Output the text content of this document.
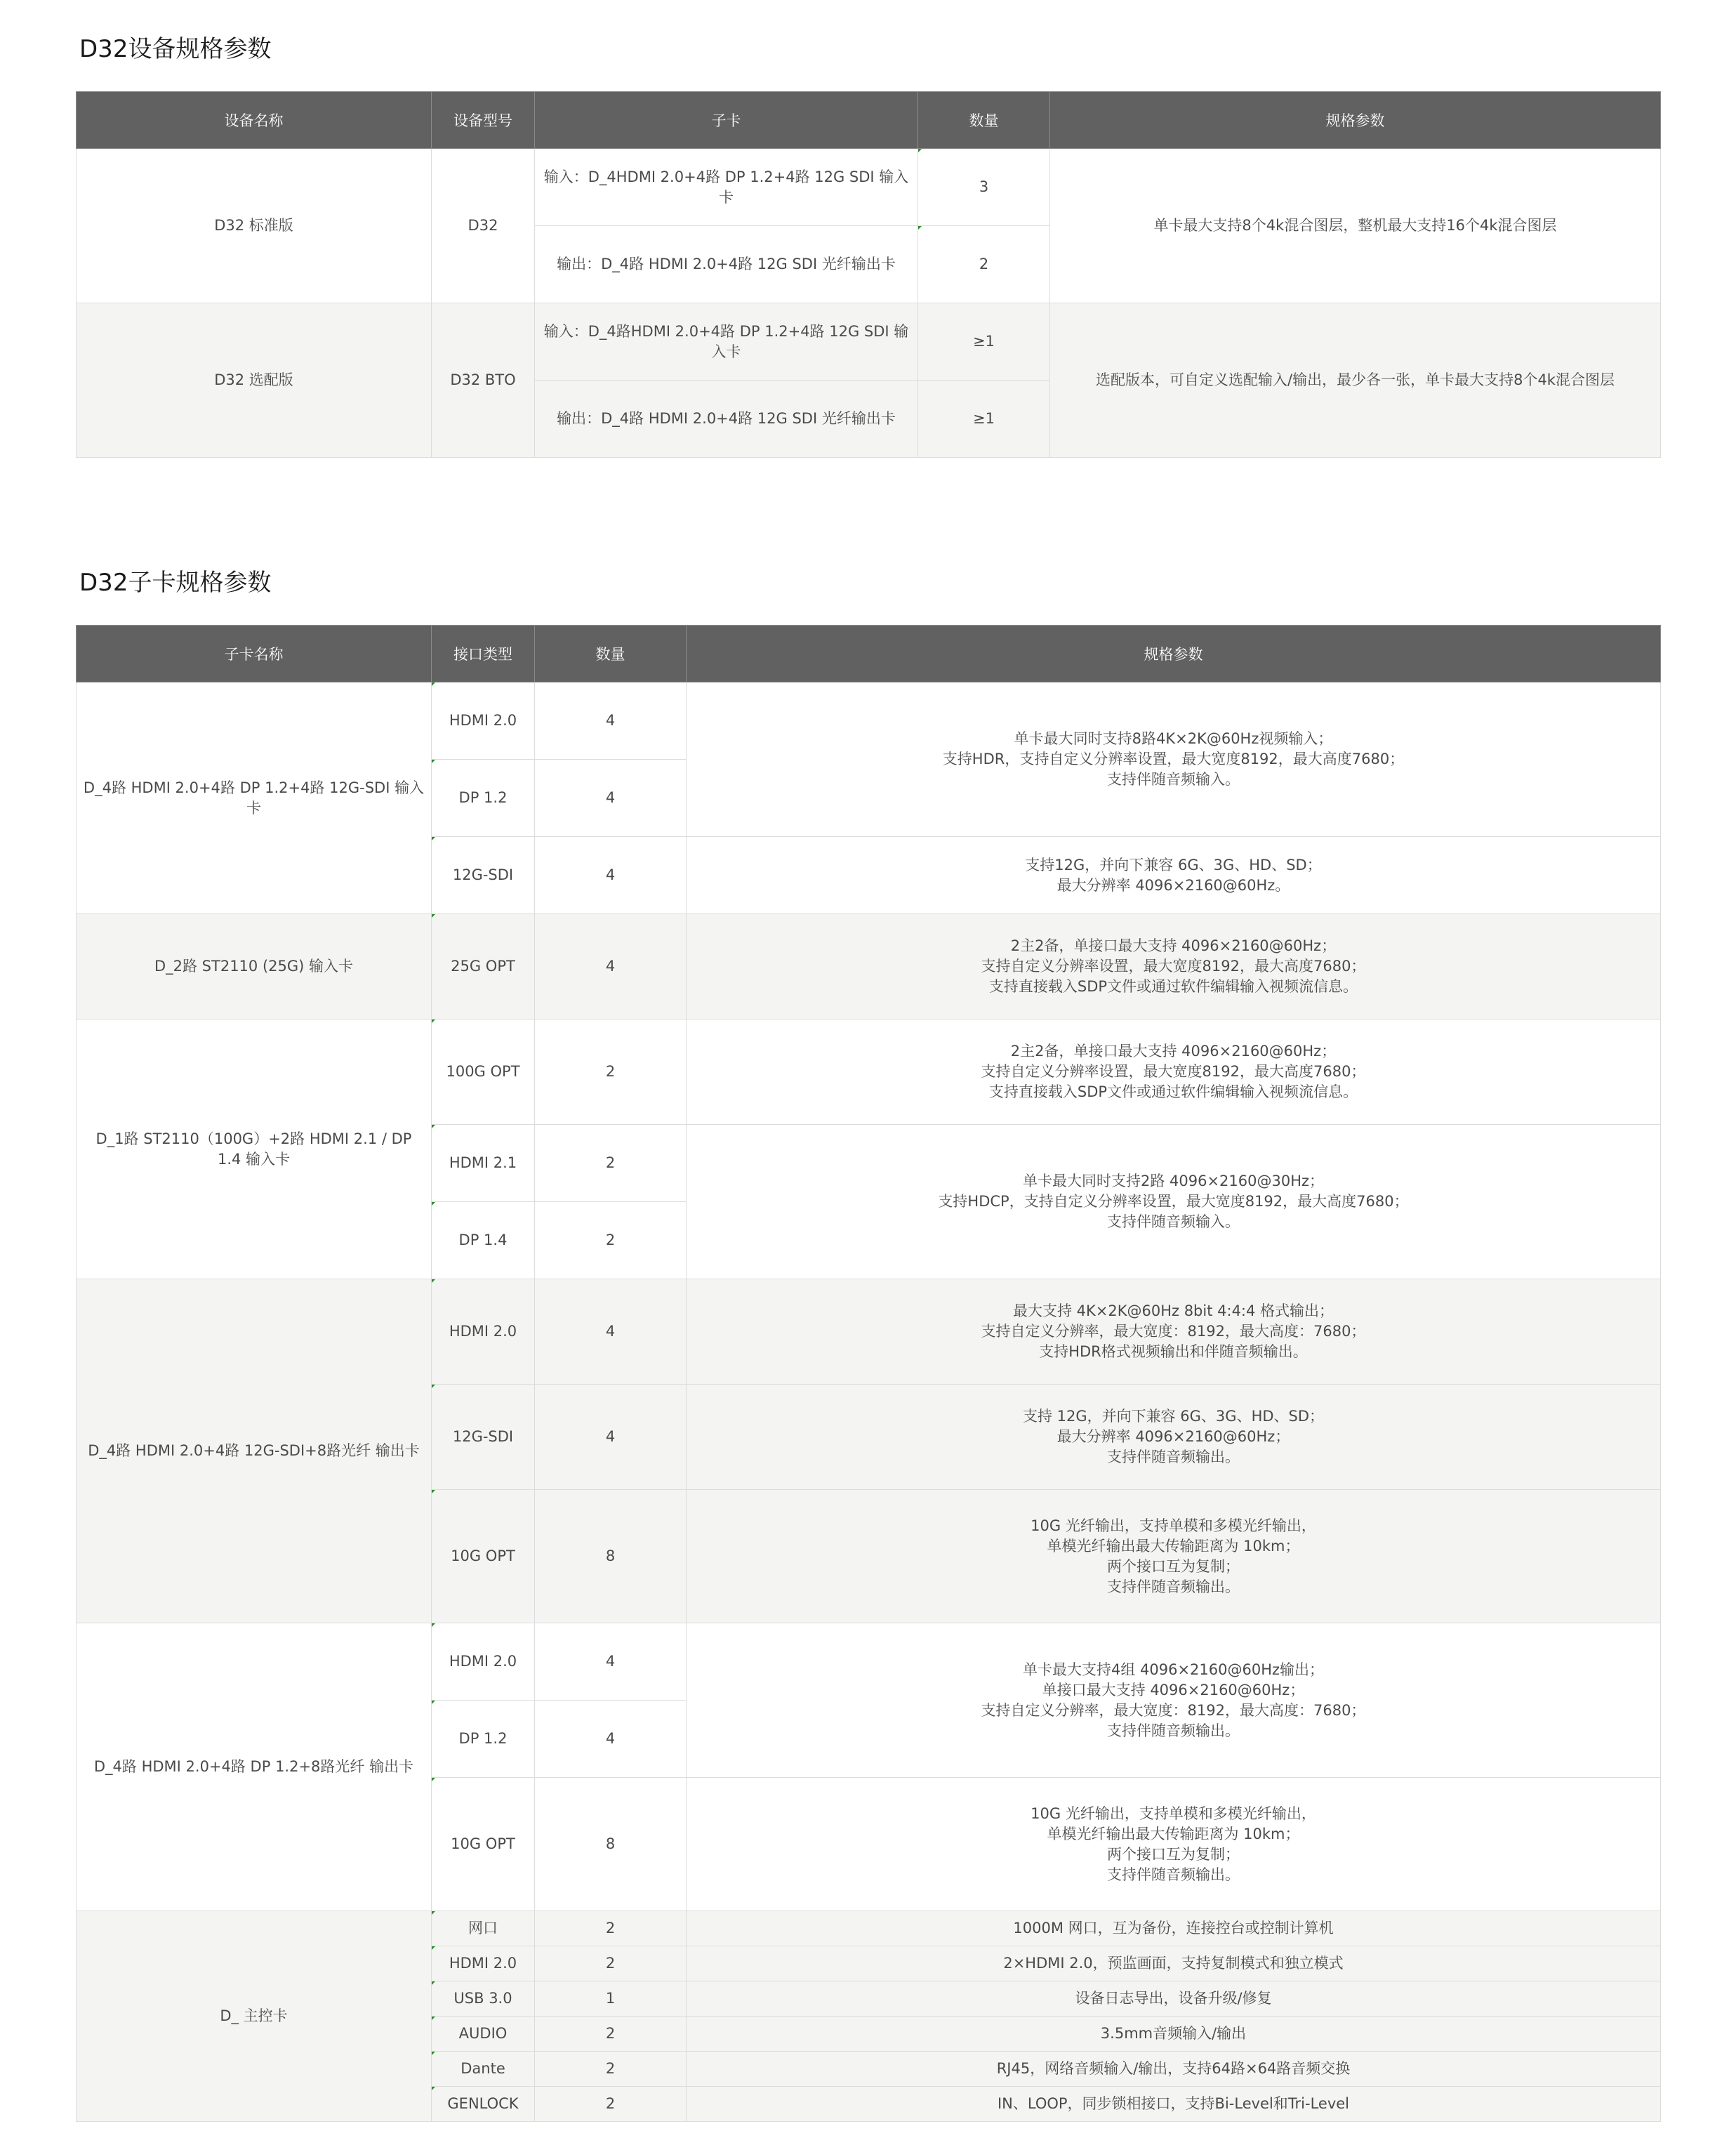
D32设备规格参数
设备名称	设备型号	子卡	数量	规格参数
D32 标准版	D32	输入：D_4HDMI 2.0+4路 DP 1.2+4路 12G SDI 输入卡	3	单卡最大支持8个4k混合图层，整机最大支持16个4k混合图层
		输出：D_4路 HDMI 2.0+4路 12G SDI 光纤输出卡	2	
D32 选配版	D32 BTO	输入：D_4路HDMI 2.0+4路 DP 1.2+4路 12G SDI 输入卡	≥1	选配版本，可自定义选配输入/输出，最少各一张，单卡最大支持8个4k混合图层
		输出：D_4路 HDMI 2.0+4路 12G SDI 光纤输出卡	≥1	
D32子卡规格参数
子卡名称	接口类型	数量	规格参数
D_4路 HDMI 2.0+4路 DP 1.2+4路 12G-SDI 输入卡	HDMI 2.0	4	单卡最大同时支持8路4K×2K@60Hz视频输入；
支持HDR，支持自定义分辨率设置，最大宽度8192，最大高度7680；
支持伴随音频输入。

	DP 1.2	4	
	12G-SDI	4	支持12G，并向下兼容 6G、3G、HD、SD；
最大分辨率 4096×2160@60Hz。

D_2路 ST2110 (25G) 输入卡	25G OPT	4	2主2备，单接口最大支持 4096×2160@60Hz；
支持自定义分辨率设置，最大宽度8192，最大高度7680；
支持直接载入SDP文件或通过软件编辑输入视频流信息。

D_1路 ST2110（100G）+2路 HDMI 2.1 / DP 1.4 输入卡	100G OPT	2	2主2备，单接口最大支持 4096×2160@60Hz；
支持自定义分辨率设置，最大宽度8192，最大高度7680；
支持直接载入SDP文件或通过软件编辑输入视频流信息。

	HDMI 2.1	2	单卡最大同时支持2路 4096×2160@30Hz；
支持HDCP，支持自定义分辨率设置，最大宽度8192，最大高度7680；
支持伴随音频输入。

	DP 1.4	2	
D_4路 HDMI 2.0+4路 12G-SDI+8路光纤 输出卡	HDMI 2.0	4	最大支持 4K×2K@60Hz 8bit 4:4:4 格式输出；
支持自定义分辨率，最大宽度：8192，最大高度：7680；
支持HDR格式视频输出和伴随音频输出。

	12G-SDI	4	支持 12G，并向下兼容 6G、3G、HD、SD；
最大分辨率 4096×2160@60Hz；
支持伴随音频输出。

	10G OPT	8	10G 光纤输出，支持单模和多模光纤输出，
单模光纤输出最大传输距离为 10km；
两个接口互为复制；
支持伴随音频输出。

D_4路 HDMI 2.0+4路 DP 1.2+8路光纤 输出卡	HDMI 2.0	4	单卡最大支持4组 4096×2160@60Hz输出；
单接口最大支持 4096×2160@60Hz；
支持自定义分辨率，最大宽度：8192，最大高度：7680；
支持伴随音频输出。

	DP 1.2	4	
	10G OPT	8	10G 光纤输出，支持单模和多模光纤输出，
单模光纤输出最大传输距离为 10km；
两个接口互为复制；
支持伴随音频输出。

D_ 主控卡	网口	2	1000M 网口，互为备份，连接控台或控制计算机
	HDMI 2.0	2	2×HDMI 2.0，预监画面，支持复制模式和独立模式
	USB 3.0	1	设备日志导出，设备升级/修复
	AUDIO	2	3.5mm音频输入/输出
	Dante	2	RJ45，网络音频输入/输出，支持64路×64路音频交换
	GENLOCK	2	IN、LOOP，同步锁相接口，支持Bi-Level和Tri-Level
